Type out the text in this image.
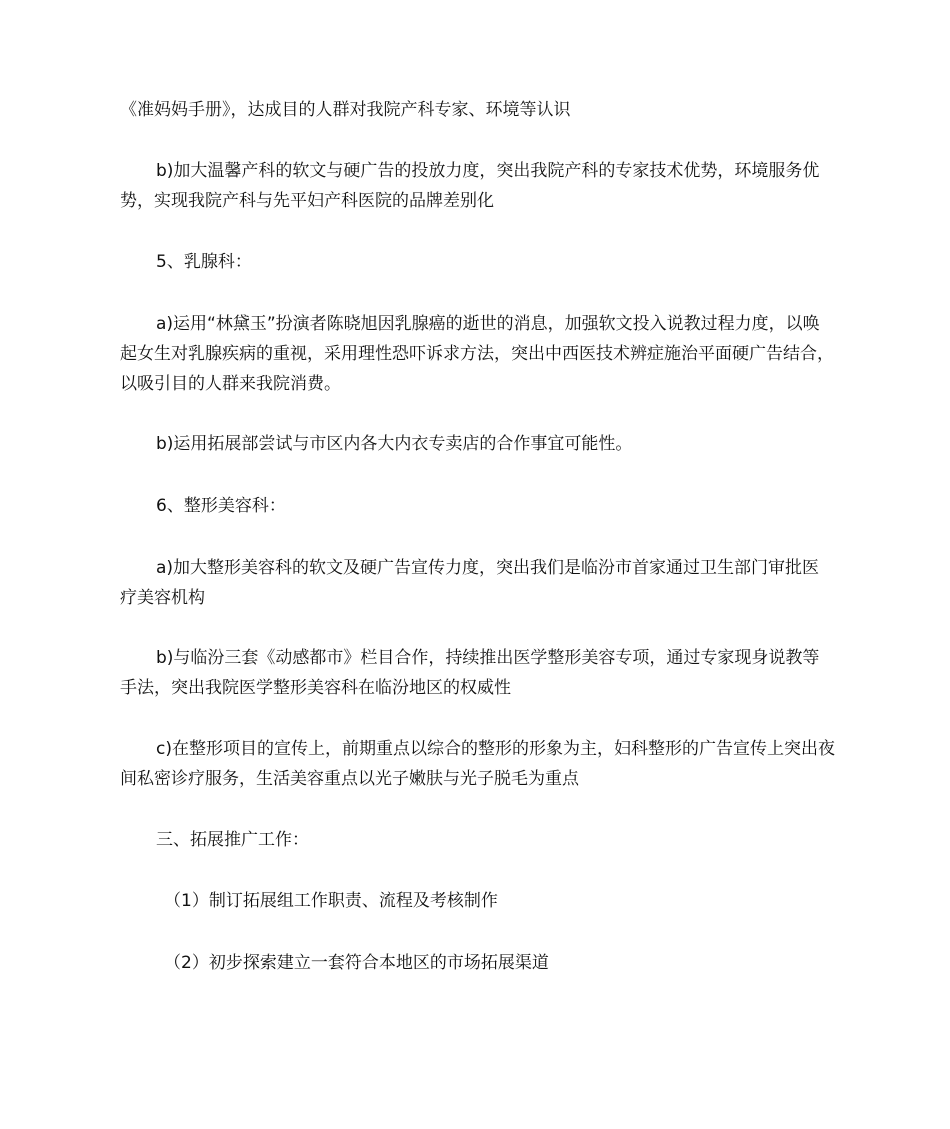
《准妈妈手册》，达成目的人群对我院产科专家、环境等认识

b)加大温馨产科的软文与硬广告的投放力度，突出我院产科的专家技术优势，环境服务优势，实现我院产科与先平妇产科医院的品牌差别化

5、乳腺科：

a)运用“林黛玉”扮演者陈晓旭因乳腺癌的逝世的消息，加强软文投入说教过程力度，以唤起女生对乳腺疾病的重视，采用理性恐吓诉求方法，突出中西医技术辨症施治平面硬广告结合，以吸引目的人群来我院消费。

b)运用拓展部尝试与市区内各大内衣专卖店的合作事宜可能性。

6、整形美容科：

a)加大整形美容科的软文及硬广告宣传力度，突出我们是临汾市首家通过卫生部门审批医疗美容机构

b)与临汾三套《动感都市》栏目合作，持续推出医学整形美容专项，通过专家现身说教等手法，突出我院医学整形美容科在临汾地区的权威性

c)在整形项目的宣传上，前期重点以综合的整形的形象为主，妇科整形的广告宣传上突出夜间私密诊疗服务，生活美容重点以光子嫩肤与光子脱毛为重点

三、拓展推广工作：

（1）制订拓展组工作职责、流程及考核制作

（2）初步探索建立一套符合本地区的市场拓展渠道
